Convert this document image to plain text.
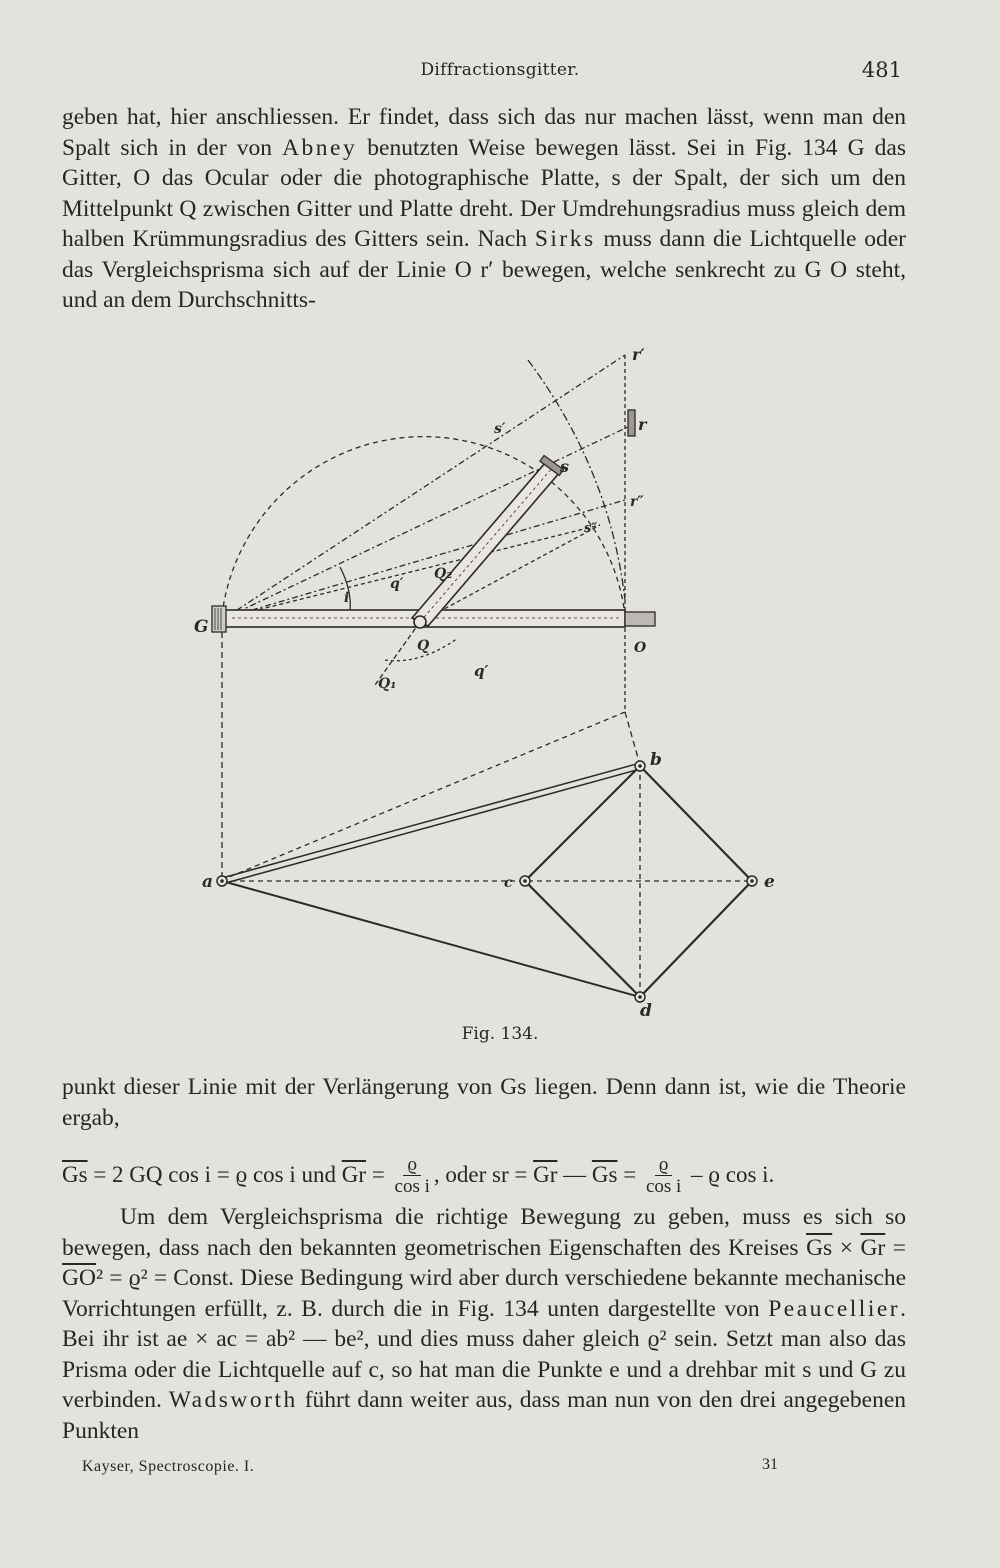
Diffractionsgitter.	481

geben hat, hier anschliessen. Er findet, dass sich das nur machen lässt, wenn man den Spalt sich in der von Abney benutzten Weise bewegen lässt. Sei in Fig. 134 G das Gitter, O das Ocular oder die photographische Platte, s der Spalt, der sich um den Mittelpunkt Q zwischen Gitter und Platte dreht. Der Umdrehungsradius muss gleich dem halben Krümmungsradius des Gitters sein. Nach Sirks muss dann die Lichtquelle oder das Vergleichsprisma sich auf der Linie O r′ bewegen, welche senkrecht zu G O steht, und an dem Durchschnitts-

r′
r
s′
s
r″
s″
q′
Q₂
i
G
Q	O
q′
Q₁
b
a	c	e
d
Fig. 134.

punkt dieser Linie mit der Verlängerung von Gs liegen. Denn dann ist, wie die Theorie ergab,

$\overline{Gs} = 2$ GQ cos i = ϱ cos i und $\overline{Gr} = \frac{ϱ}{\text{cos i}}$ , oder sr = $\overline{Gr}$ — $\overline{Gs} = \frac{ϱ}{\text{cos i}} - ϱ$ cos i.

Um dem Vergleichsprisma die richtige Bewegung zu geben, muss es sich so bewegen, dass nach den bekannten geometrischen Eigenschaften des Kreises $\overline{Gs} \times \overline{Gr} = \overline{GO}^2 = ϱ^2$ = Const. Diese Bedingung wird aber durch verschiedene bekannte mechanische Vorrichtungen erfüllt, z. B. durch die in Fig. 134 unten dargestellte von Peaucellier. Bei ihr ist ae × ac = ab² — be², und dies muss daher gleich ϱ² sein. Setzt man also das Prisma oder die Lichtquelle auf c, so hat man die Punkte e und a drehbar mit s und G zu verbinden. Wadsworth führt dann weiter aus, dass man nun von den drei angegebenen Punkten

Kayser, Spectroscopie. I.	31
